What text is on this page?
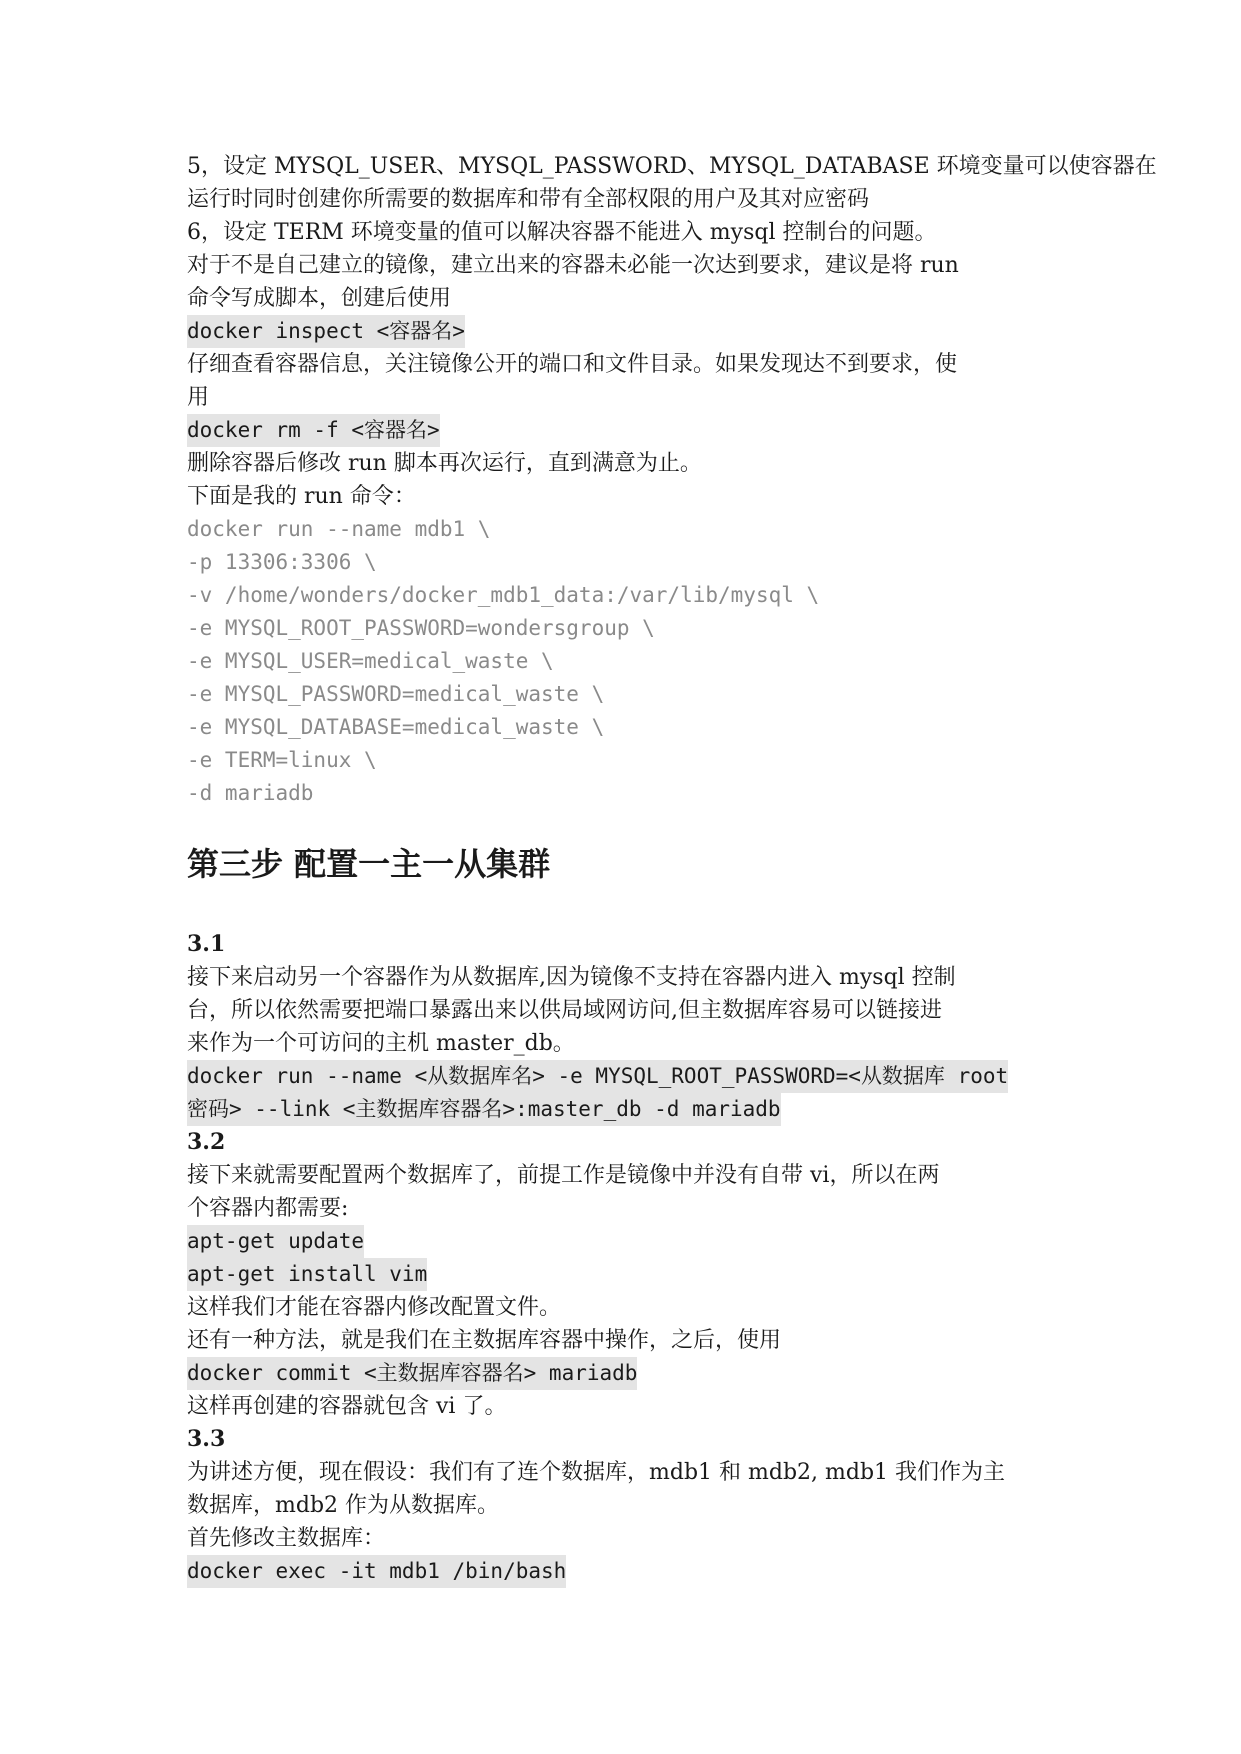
5，设定 MYSQL_USER、MYSQL_PASSWORD、MYSQL_DATABASE 环境变量可以使容器在
运行时同时创建你所需要的数据库和带有全部权限的用户及其对应密码
6，设定 TERM 环境变量的值可以解决容器不能进入 mysql 控制台的问题。
对于不是自己建立的镜像，建立出来的容器未必能一次达到要求，建议是将 run
命令写成脚本，创建后使用
docker inspect <容器名>
仔细查看容器信息，关注镜像公开的端口和文件目录。如果发现达不到要求，使
用
docker rm -f <容器名>
删除容器后修改 run 脚本再次运行，直到满意为止。
下面是我的 run 命令：
docker run --name mdb1 \
-p 13306:3306 \
-v /home/wonders/docker_mdb1_data:/var/lib/mysql \
-e MYSQL_ROOT_PASSWORD=wondersgroup \
-e MYSQL_USER=medical_waste \
-e MYSQL_PASSWORD=medical_waste \
-e MYSQL_DATABASE=medical_waste \
-e TERM=linux \
-d mariadb
第三步 配置一主一从集群
3.1
接下来启动另一个容器作为从数据库,因为镜像不支持在容器内进入 mysql 控制
台，所以依然需要把端口暴露出来以供局域网访问,但主数据库容易可以链接进
来作为一个可访问的主机 master_db。
docker run --name <从数据库名> -e MYSQL_ROOT_PASSWORD=<从数据库 root
密码> --link <主数据库容器名>:master_db -d mariadb
3.2
接下来就需要配置两个数据库了，前提工作是镜像中并没有自带 vi，所以在两
个容器内都需要:
apt-get update
apt-get install vim
这样我们才能在容器内修改配置文件。
还有一种方法，就是我们在主数据库容器中操作，之后，使用
docker commit <主数据库容器名> mariadb
这样再创建的容器就包含 vi 了。
3.3
为讲述方便，现在假设：我们有了连个数据库，mdb1 和 mdb2, mdb1 我们作为主
数据库，mdb2 作为从数据库。
首先修改主数据库：
docker exec -it mdb1 /bin/bash
